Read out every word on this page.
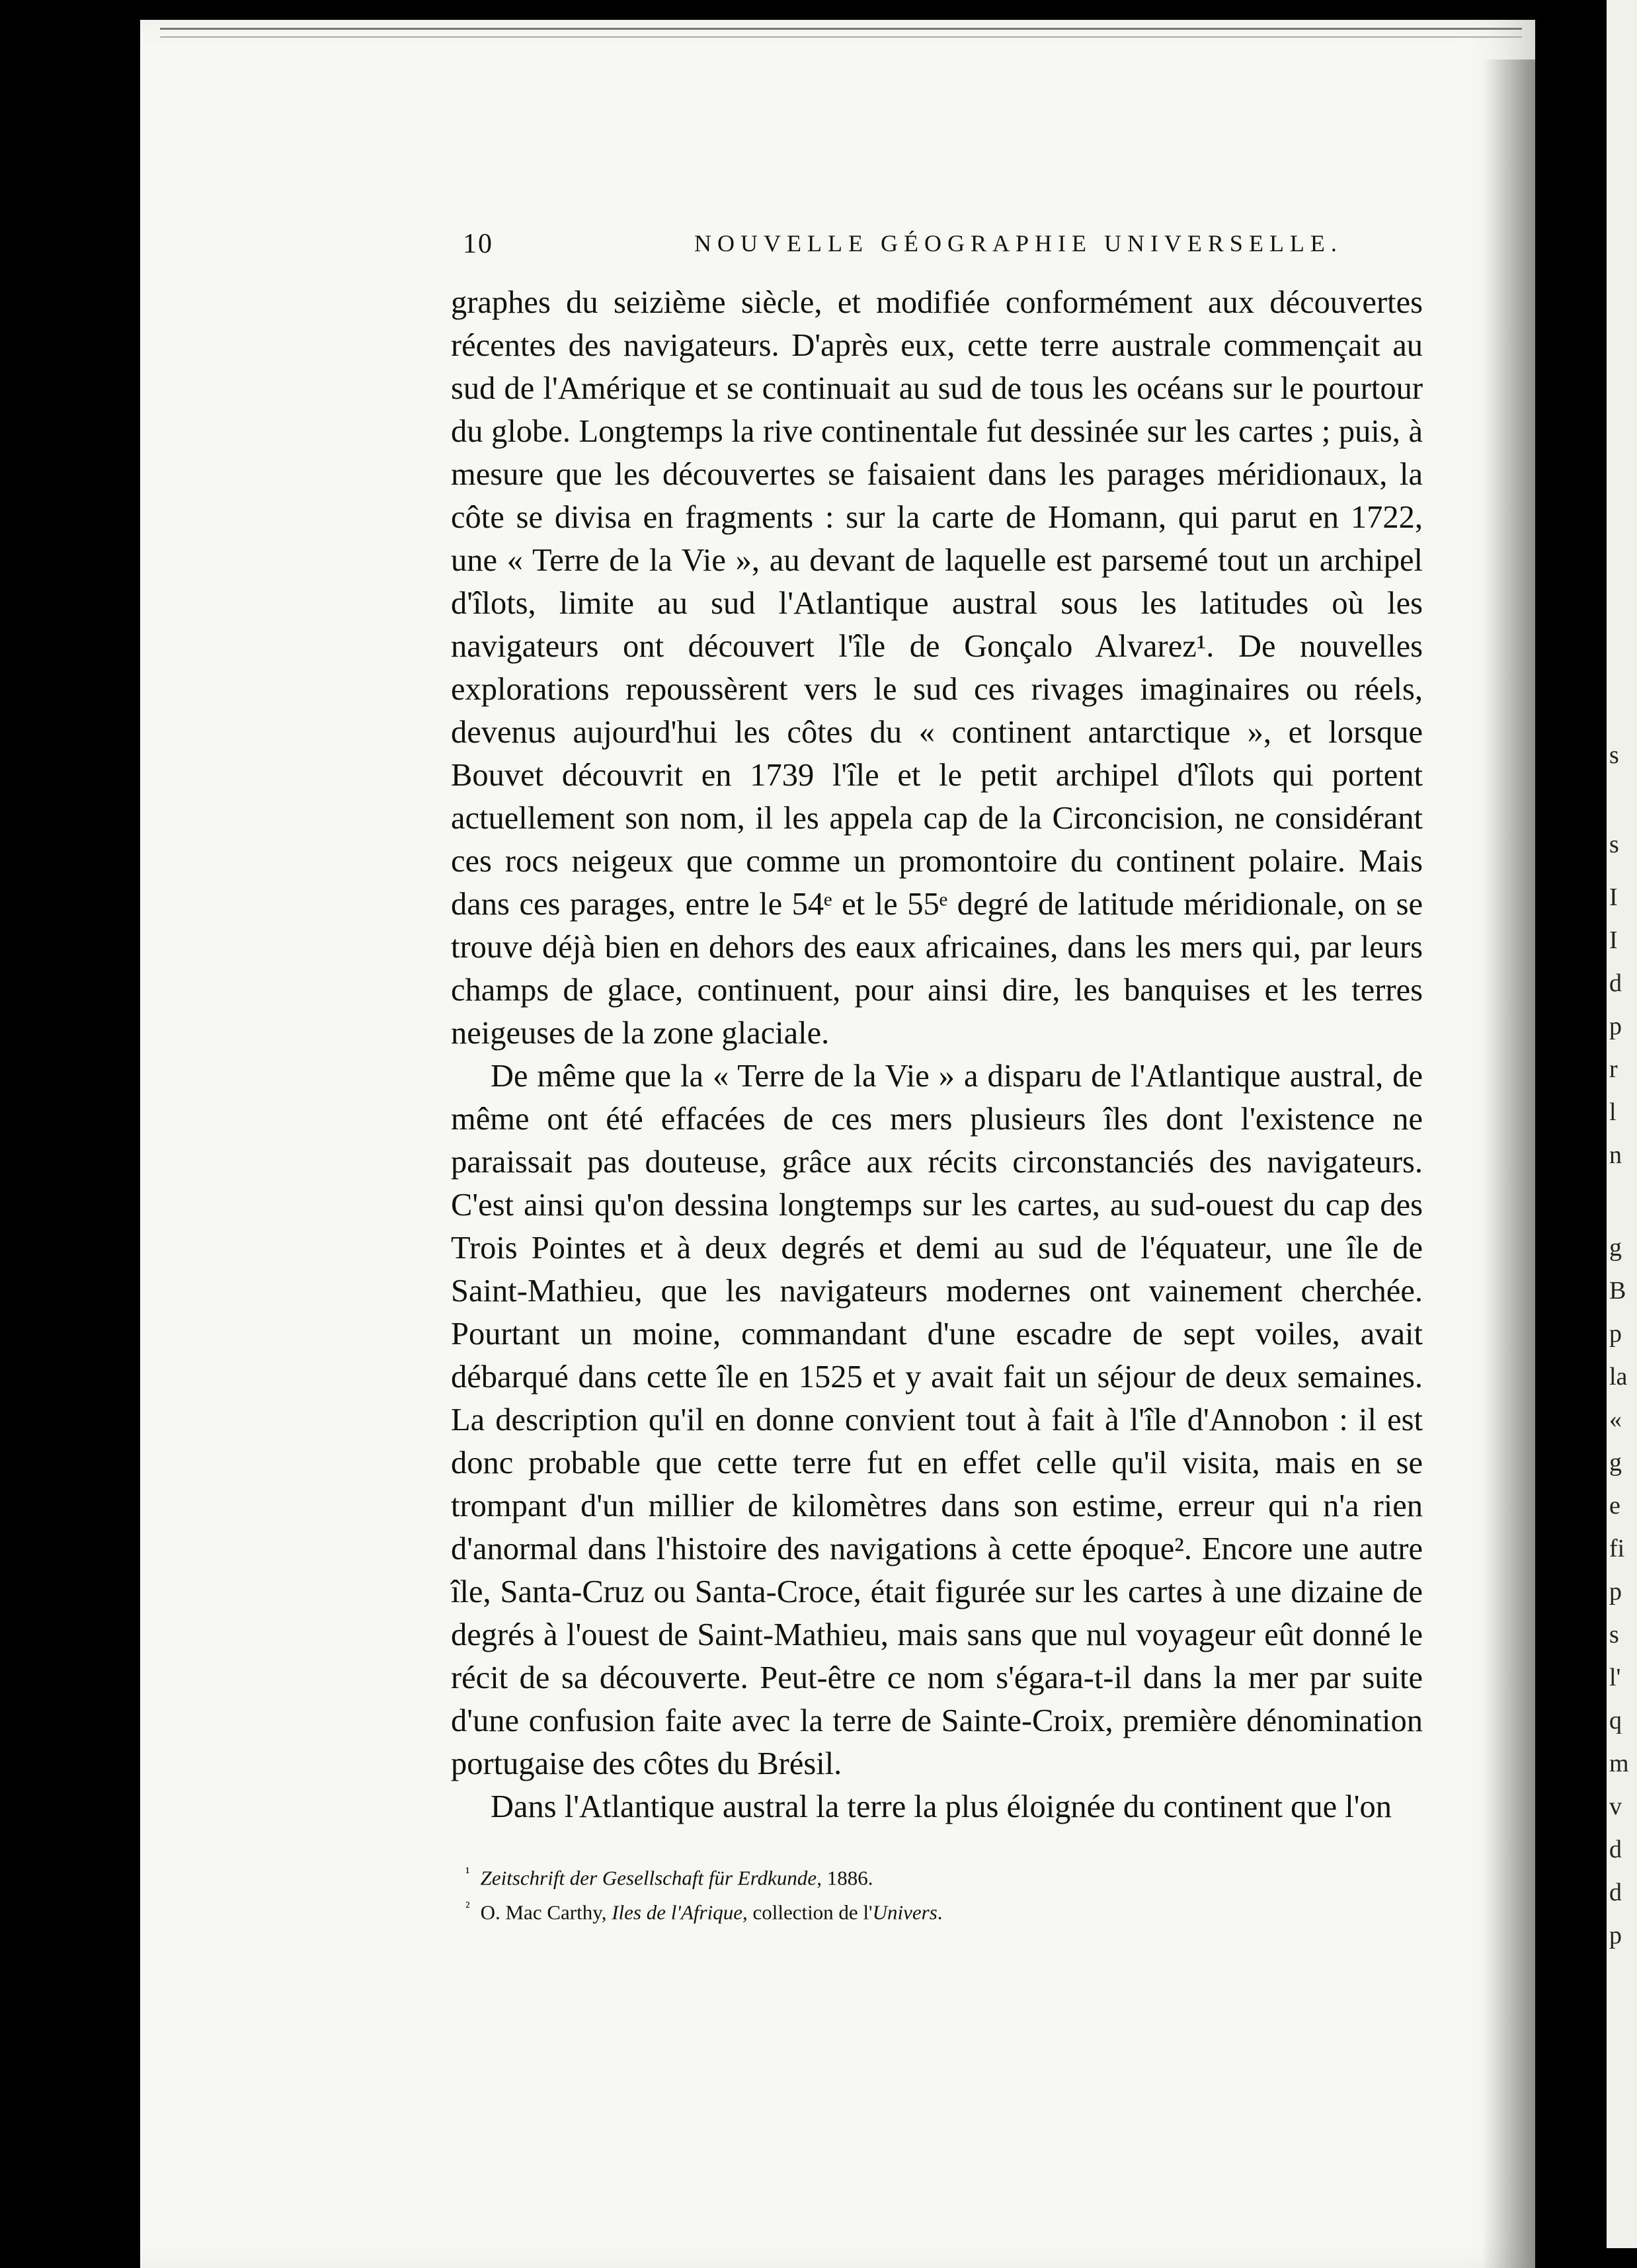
10	NOUVELLE GÉOGRAPHIE UNIVERSELLE.

graphes du seizième siècle, et modifiée conformément aux découvertes récentes des navigateurs. D'après eux, cette terre australe commençait au sud de l'Amérique et se continuait au sud de tous les océans sur le pourtour du globe. Longtemps la rive continentale fut dessinée sur les cartes ; puis, à mesure que les découvertes se faisaient dans les parages méridionaux, la côte se divisa en fragments : sur la carte de Homann, qui parut en 1722, une « Terre de la Vie », au devant de laquelle est parsemé tout un archipel d'îlots, limite au sud l'Atlantique austral sous les latitudes où les navigateurs ont découvert l'île de Gonçalo Alvarez¹. De nouvelles explorations repoussèrent vers le sud ces rivages imaginaires ou réels, devenus aujourd'hui les côtes du « continent antarctique », et lorsque Bouvet découvrit en 1739 l'île et le petit archipel d'îlots qui portent actuellement son nom, il les appela cap de la Circoncision, ne considérant ces rocs neigeux que comme un promontoire du continent polaire. Mais dans ces parages, entre le 54ᵉ et le 55ᵉ degré de latitude méridionale, on se trouve déjà bien en dehors des eaux africaines, dans les mers qui, par leurs champs de glace, continuent, pour ainsi dire, les banquises et les terres neigeuses de la zone glaciale.

De même que la « Terre de la Vie » a disparu de l'Atlantique austral, de même ont été effacées de ces mers plusieurs îles dont l'existence ne paraissait pas douteuse, grâce aux récits circonstanciés des navigateurs. C'est ainsi qu'on dessina longtemps sur les cartes, au sud-ouest du cap des Trois Pointes et à deux degrés et demi au sud de l'équateur, une île de Saint-Mathieu, que les navigateurs modernes ont vainement cherchée. Pourtant un moine, commandant d'une escadre de sept voiles, avait débarqué dans cette île en 1525 et y avait fait un séjour de deux semaines. La description qu'il en donne convient tout à fait à l'île d'Annobon : il est donc probable que cette terre fut en effet celle qu'il visita, mais en se trompant d'un millier de kilomètres dans son estime, erreur qui n'a rien d'anormal dans l'histoire des navigations à cette époque². Encore une autre île, Santa-Cruz ou Santa-Croce, était figurée sur les cartes à une dizaine de degrés à l'ouest de Saint-Mathieu, mais sans que nul voyageur eût donné le récit de sa découverte. Peut-être ce nom s'égara-t-il dans la mer par suite d'une confusion faite avec la terre de Sainte-Croix, première dénomination portugaise des côtes du Brésil.

Dans l'Atlantique austral la terre la plus éloignée du continent que l'on

$^{^1}$ Zeitschrift der Gesellschaft für Erdkunde, 1886.

$^{^2}$ O. Mac Carthy, Iles de l'Afrique, collection de l'Univers.

s
s
I
I
d
p
r
l
n
g
B
p
la
«
g
e
fi
p
s
l'
q
m
v
d
d
p
